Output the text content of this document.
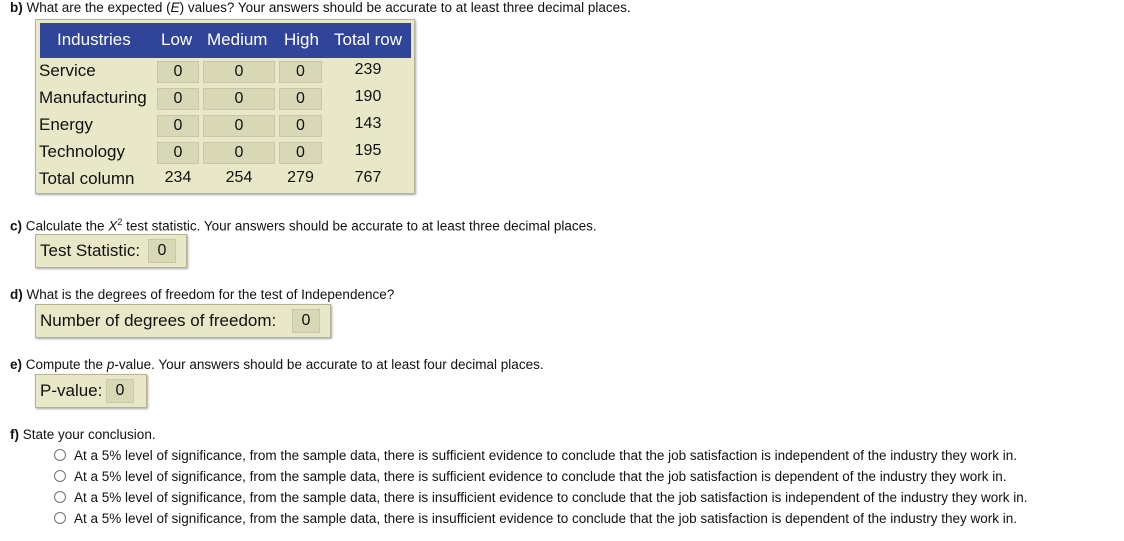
b) What are the expected (E) values? Your answers should be accurate to at least three decimal places.
Industries Low Medium High Total row
Service	0	0	0	239
Manufacturing	0	0	0	190
Energy	0	0	0	143
Technology	0	0	0	195
Total column	234	254	279	767
c) Calculate the $X^2$ test statistic. Your answers should be accurate to at least three decimal places.
Test Statistic:	0
d) What is the degrees of freedom for the test of Independence?
Number of degrees of freedom:	0
e) Compute the p-value. Your answers should be accurate to at least four decimal places.
P-value: 0
f) State your conclusion.
At a 5% level of significance, from the sample data, there is sufficient evidence to conclude that the job satisfaction is independent of the industry they work in.
At a 5% level of significance, from the sample data, there is sufficient evidence to conclude that the job satisfaction is dependent of the industry they work in.
At a 5% level of significance, from the sample data, there is insufficient evidence to conclude that the job satisfaction is independent of the industry they work in.
At a 5% level of significance, from the sample data, there is insufficient evidence to conclude that the job satisfaction is dependent of the industry they work in.
